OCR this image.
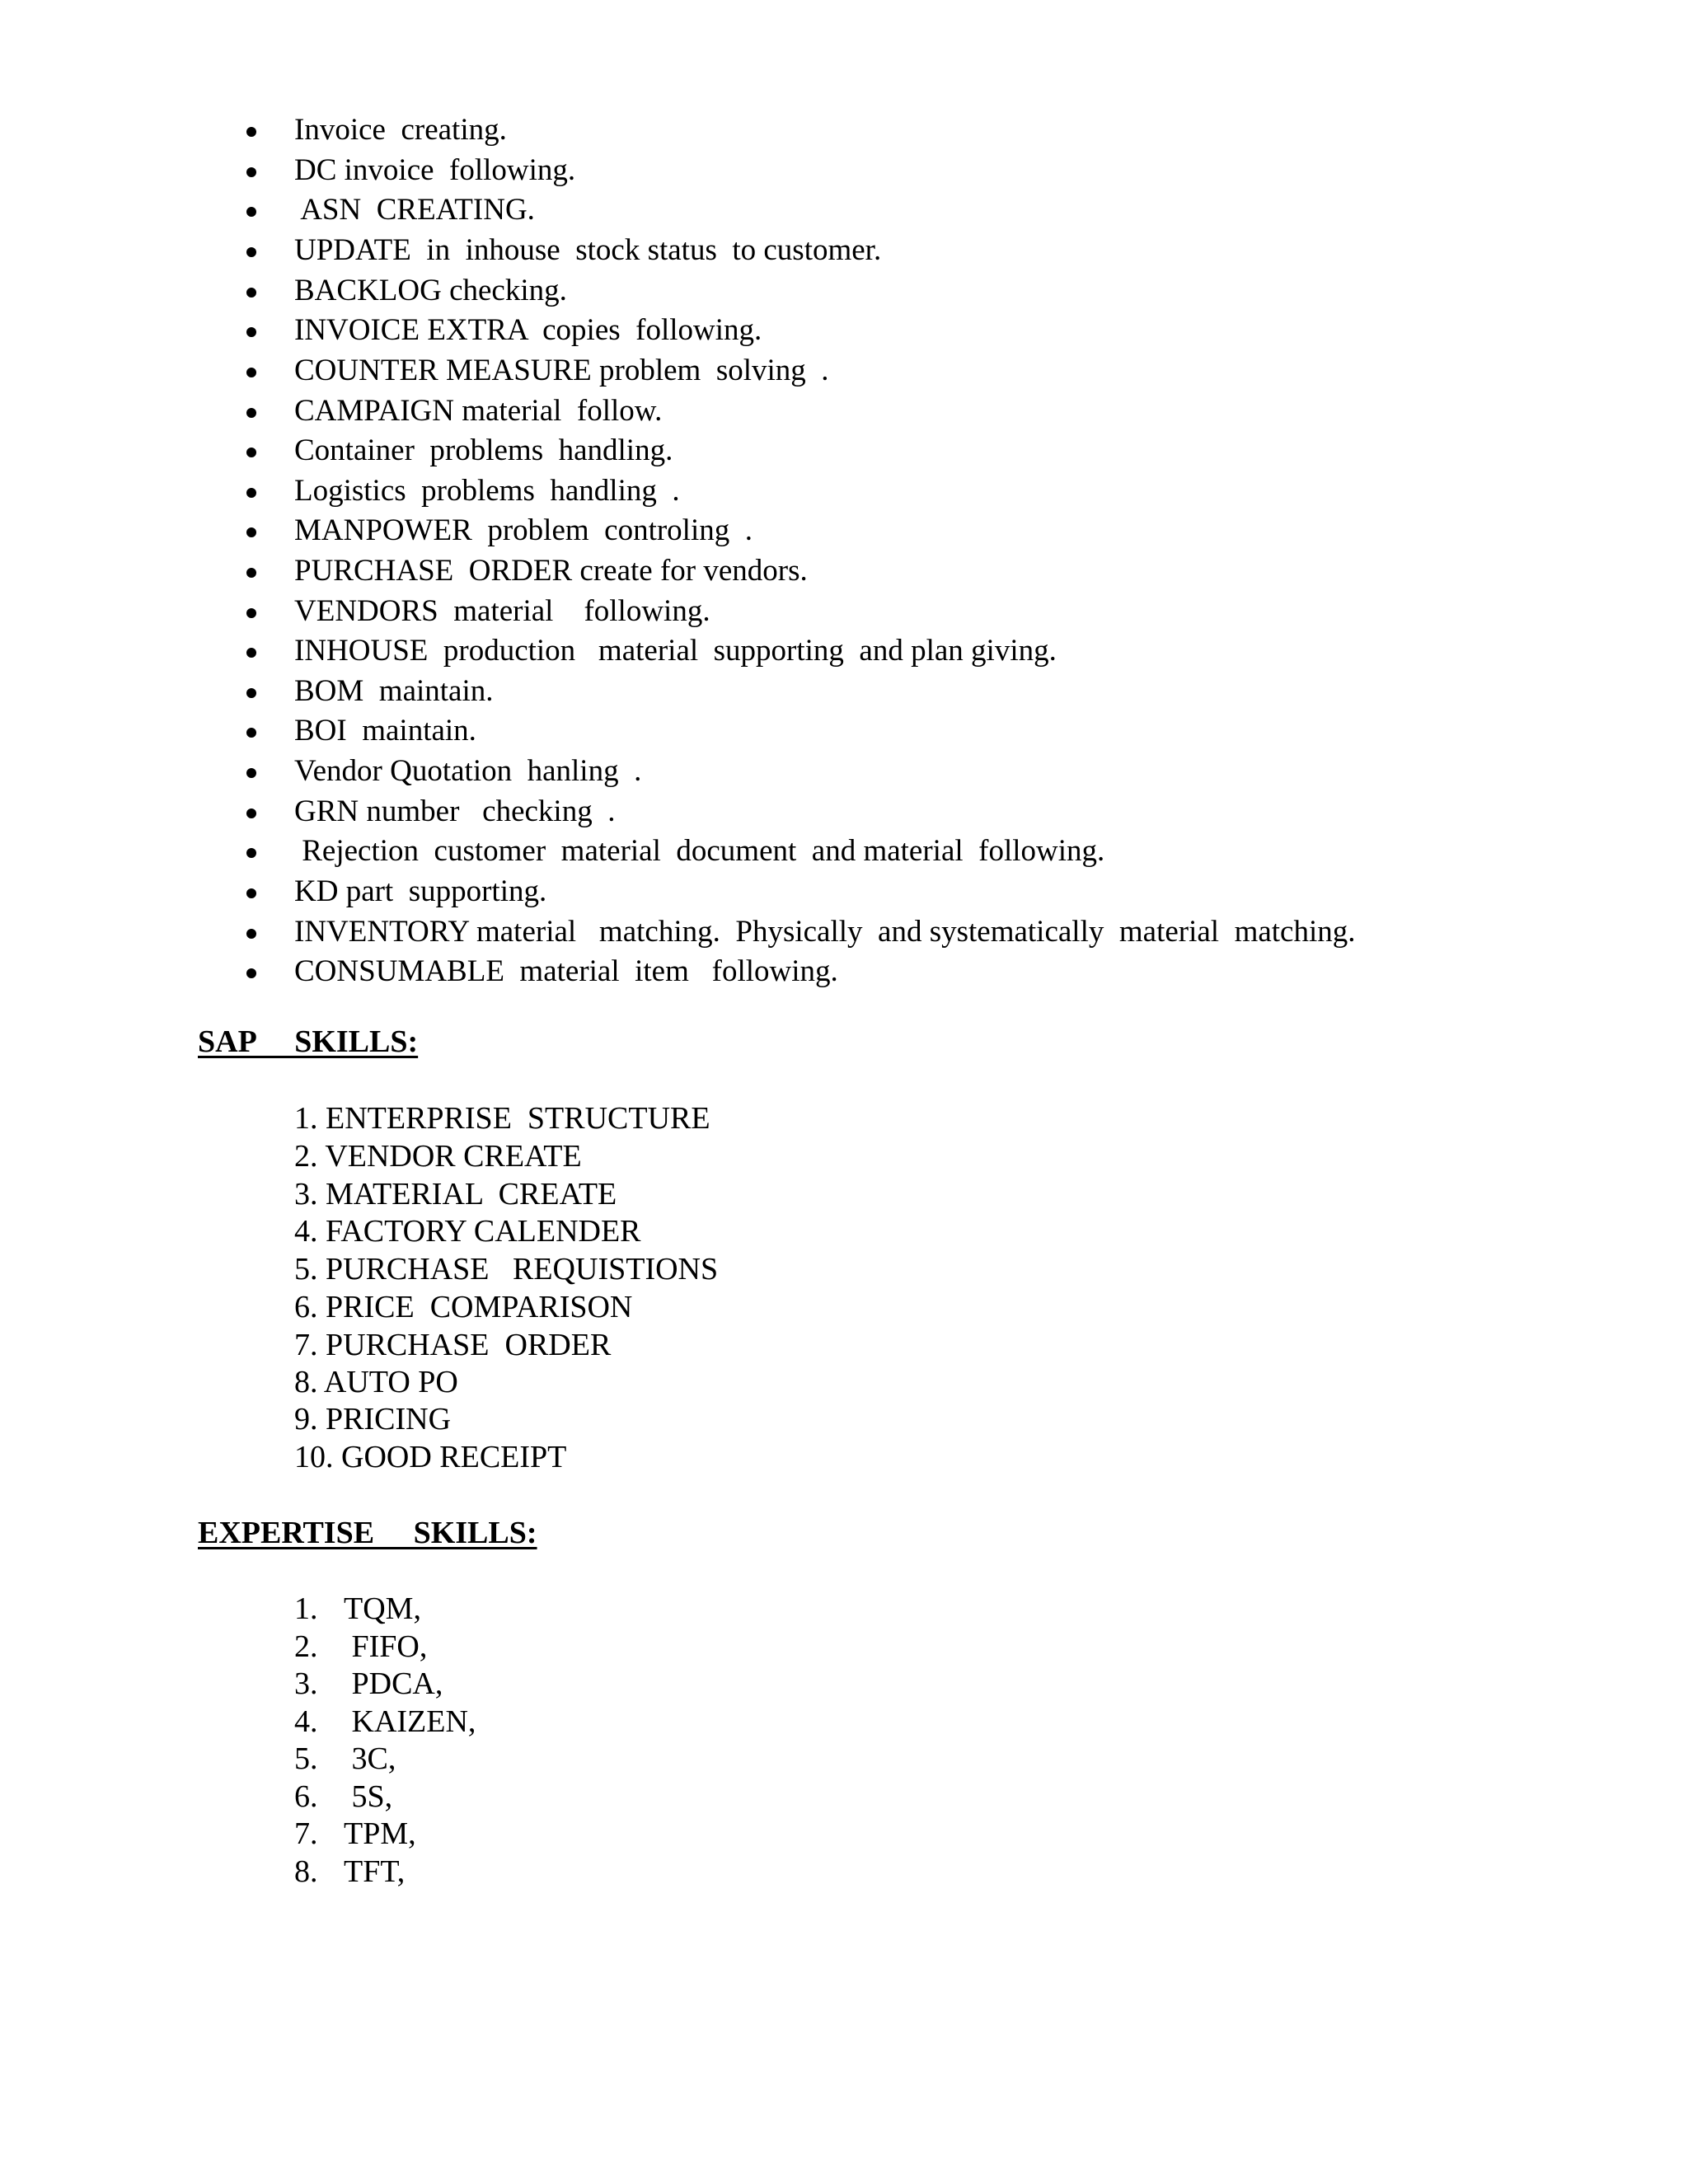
Invoice  creating.
DC invoice  following.
ASN  CREATING.
UPDATE  in  inhouse  stock status  to customer.
BACKLOG checking.
INVOICE EXTRA  copies  following.
COUNTER MEASURE problem  solving  .
CAMPAIGN material  follow.
Container  problems  handling.
Logistics  problems  handling  .
MANPOWER  problem  controling  .
PURCHASE  ORDER create for vendors.
VENDORS  material    following.
INHOUSE  production   material  supporting  and plan giving.
BOM  maintain.
BOI  maintain.
Vendor Quotation  hanling  .
GRN number   checking  .
Rejection  customer  material  document  and material  following.
KD part  supporting.
INVENTORY material   matching.  Physically  and systematically  material  matching.
CONSUMABLE  material  item   following.
SAP     SKILLS:
1. ENTERPRISE  STRUCTURE
2. VENDOR CREATE
3. MATERIAL  CREATE
4. FACTORY CALENDER
5. PURCHASE   REQUISTIONS
6. PRICE  COMPARISON
7. PURCHASE  ORDER
8. AUTO PO
9. PRICING
10. GOOD RECEIPT
EXPERTISE     SKILLS:
1. TQM,
2. FIFO,
3. PDCA,
4. KAIZEN,
5. 3C,
6. 5S,
7. TPM,
8. TFT,
